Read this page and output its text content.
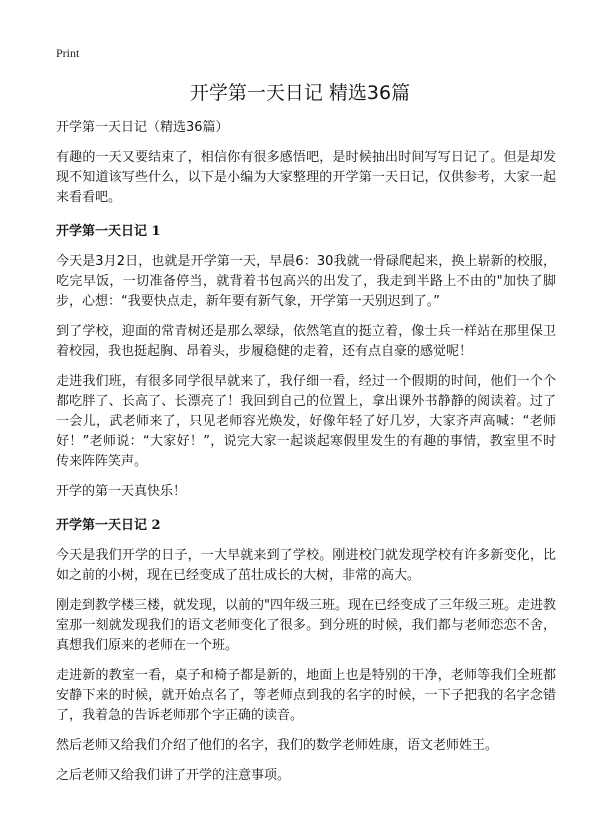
Print
开学第一天日记 精选36篇

开学第一天日记（精选36篇）

有趣的一天又要结束了，相信你有很多感悟吧，是时候抽出时间写写日记了。但是却发现不知道该写些什么，以下是小编为大家整理的开学第一天日记，仅供参考，大家一起来看看吧。

开学第一天日记 1

今天是3月2日，也就是开学第一天，早晨6：30我就一骨碌爬起来，换上崭新的校服，吃完早饭，一切准备停当，就背着书包高兴的出发了，我走到半路上不由的"加快了脚步，心想：“我要快点走，新年要有新气象，开学第一天别迟到了。”

到了学校，迎面的常青树还是那么翠绿，依然笔直的挺立着，像士兵一样站在那里保卫着校园，我也挺起胸、昂着头，步履稳健的走着，还有点自豪的感觉呢！

走进我们班，有很多同学很早就来了，我仔细一看，经过一个假期的时间，他们一个个都吃胖了、长高了、长漂亮了！我回到自己的位置上，拿出课外书静静的阅读着。过了一会儿，武老师来了，只见老师容光焕发，好像年轻了好几岁，大家齐声高喊：“老师好！”老师说：“大家好！”，说完大家一起谈起寒假里发生的有趣的事情，教室里不时传来阵阵笑声。

开学的第一天真快乐！

开学第一天日记 2

今天是我们开学的日子，一大早就来到了学校。刚进校门就发现学校有许多新变化，比如之前的小树，现在已经变成了茁壮成长的大树，非常的高大。

刚走到教学楼三楼，就发现，以前的"四年级三班。现在已经变成了三年级三班。走进教室那一刻就发现我们的语文老师变化了很多。到分班的时候，我们都与老师恋恋不舍，真想我们原来的老师在一个班。

走进新的教室一看，桌子和椅子都是新的，地面上也是特别的干净，老师等我们全班都安静下来的时候，就开始点名了，等老师点到我的名字的时候，一下子把我的名字念错了，我着急的告诉老师那个字正确的读音。

然后老师又给我们介绍了他们的名字，我们的数学老师姓康，语文老师姓王。

之后老师又给我们讲了开学的注意事项。
